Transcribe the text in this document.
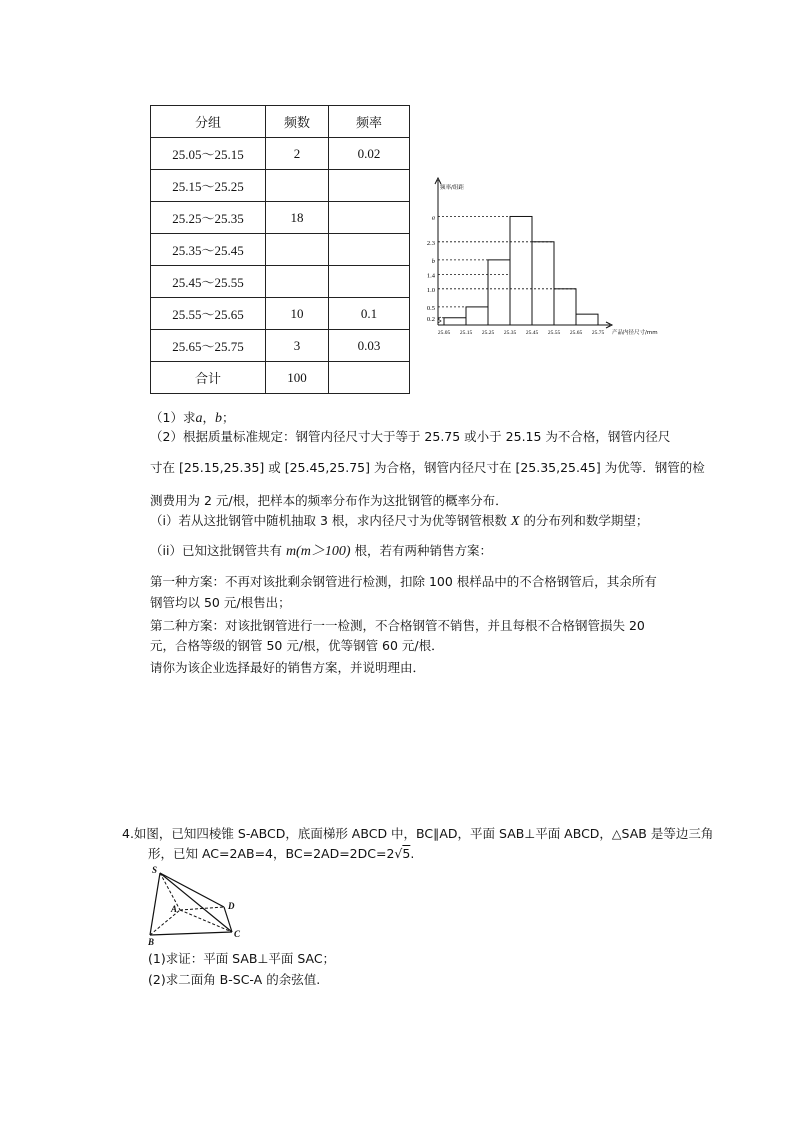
分组	频数	频率
25.05～25.15	2	0.02
25.15～25.25		
25.25～25.35	18	
25.35～25.45		
25.45～25.55		
25.55～25.65	10	0.1
25.65～25.75	3	0.03
合计	100	
a
2.3
b
1.4
1.0
0.5
0.2
频率/组距
25.05 25.15 25.25 25.35 25.45 25.55 25.65 25.75 产品内径尺寸/mm
（1）求a，b；
（2）根据质量标准规定：钢管内径尺寸大于等于 25.75 或小于 25.15 为不合格，钢管内径尺
寸在 [25.15,25.35] 或 [25.45,25.75] 为合格，钢管内径尺寸在 [25.35,25.45] 为优等．钢管的检
测费用为 2 元/根，把样本的频率分布作为这批钢管的概率分布．
（i）若从这批钢管中随机抽取 3 根，求内径尺寸为优等钢管根数 X 的分布列和数学期望；
（ii）已知这批钢管共有 m(m＞100) 根，若有两种销售方案：
第一种方案：不再对该批剩余钢管进行检测，扣除 100 根样品中的不合格钢管后，其余所有
钢管均以 50 元/根售出；
第二种方案：对该批钢管进行一一检测，不合格钢管不销售，并且每根不合格钢管损失 20
元，合格等级的钢管 50 元/根，优等钢管 60 元/根．
请你为该企业选择最好的销售方案，并说明理由．
4.如图，已知四棱锥 S-ABCD，底面梯形 ABCD 中，BC∥AD，平面 SAB⊥平面 ABCD，△SAB 是等边三角
形，已知 AC=2AB=4，BC=2AD=2DC=2√5.
S
A
B
C
D
(1)求证：平面 SAB⊥平面 SAC；
(2)求二面角 B-SC-A 的余弦值.
